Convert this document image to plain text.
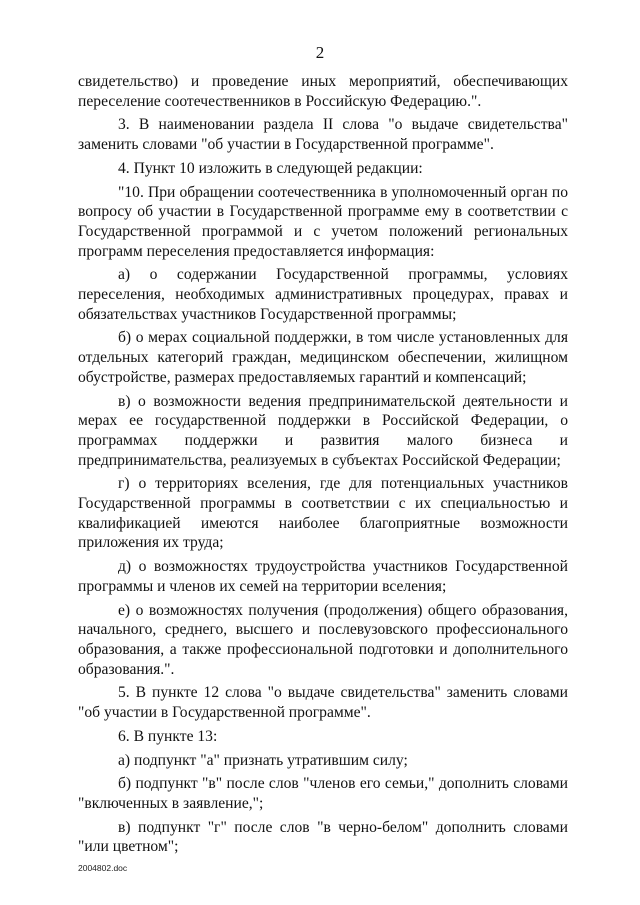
2

свидетельство) и проведение иных мероприятий, обеспечивающих переселение соотечественников в Российскую Федерацию.".

3. В наименовании раздела II слова "о выдаче свидетельства" заменить словами "об участии в Государственной программе".

4. Пункт 10 изложить в следующей редакции:

"10. При обращении соотечественника в уполномоченный орган по вопросу об участии в Государственной программе ему в соответствии с Государственной программой и с учетом положений региональных программ переселения предоставляется информация:

а) о содержании Государственной программы, условиях переселения, необходимых административных процедурах, правах и обязательствах участников Государственной программы;

б) о мерах социальной поддержки, в том числе установленных для отдельных категорий граждан, медицинском обеспечении, жилищном обустройстве, размерах предоставляемых гарантий и компенсаций;

в) о возможности ведения предпринимательской деятельности и мерах ее государственной поддержки в Российской Федерации, о программах поддержки и развития малого бизнеса и предпринимательства, реализуемых в субъектах Российской Федерации;

г) о территориях вселения, где для потенциальных участников Государственной программы в соответствии с их специальностью и квалификацией имеются наиболее благоприятные возможности приложения их труда;

д) о возможностях трудоустройства участников Государственной программы и членов их семей на территории вселения;

е) о возможностях получения (продолжения) общего образования, начального, среднего, высшего и послевузовского профессионального образования, а также профессиональной подготовки и дополнительного образования.".

5. В пункте 12 слова "о выдаче свидетельства" заменить словами "об участии в Государственной программе".

6. В пункте 13:

а) подпункт "а" признать утратившим силу;

б) подпункт "в" после слов "членов его семьи," дополнить словами "включенных в заявление,";

в) подпункт "г" после слов "в черно-белом" дополнить словами "или цветном";

2004802.doc
